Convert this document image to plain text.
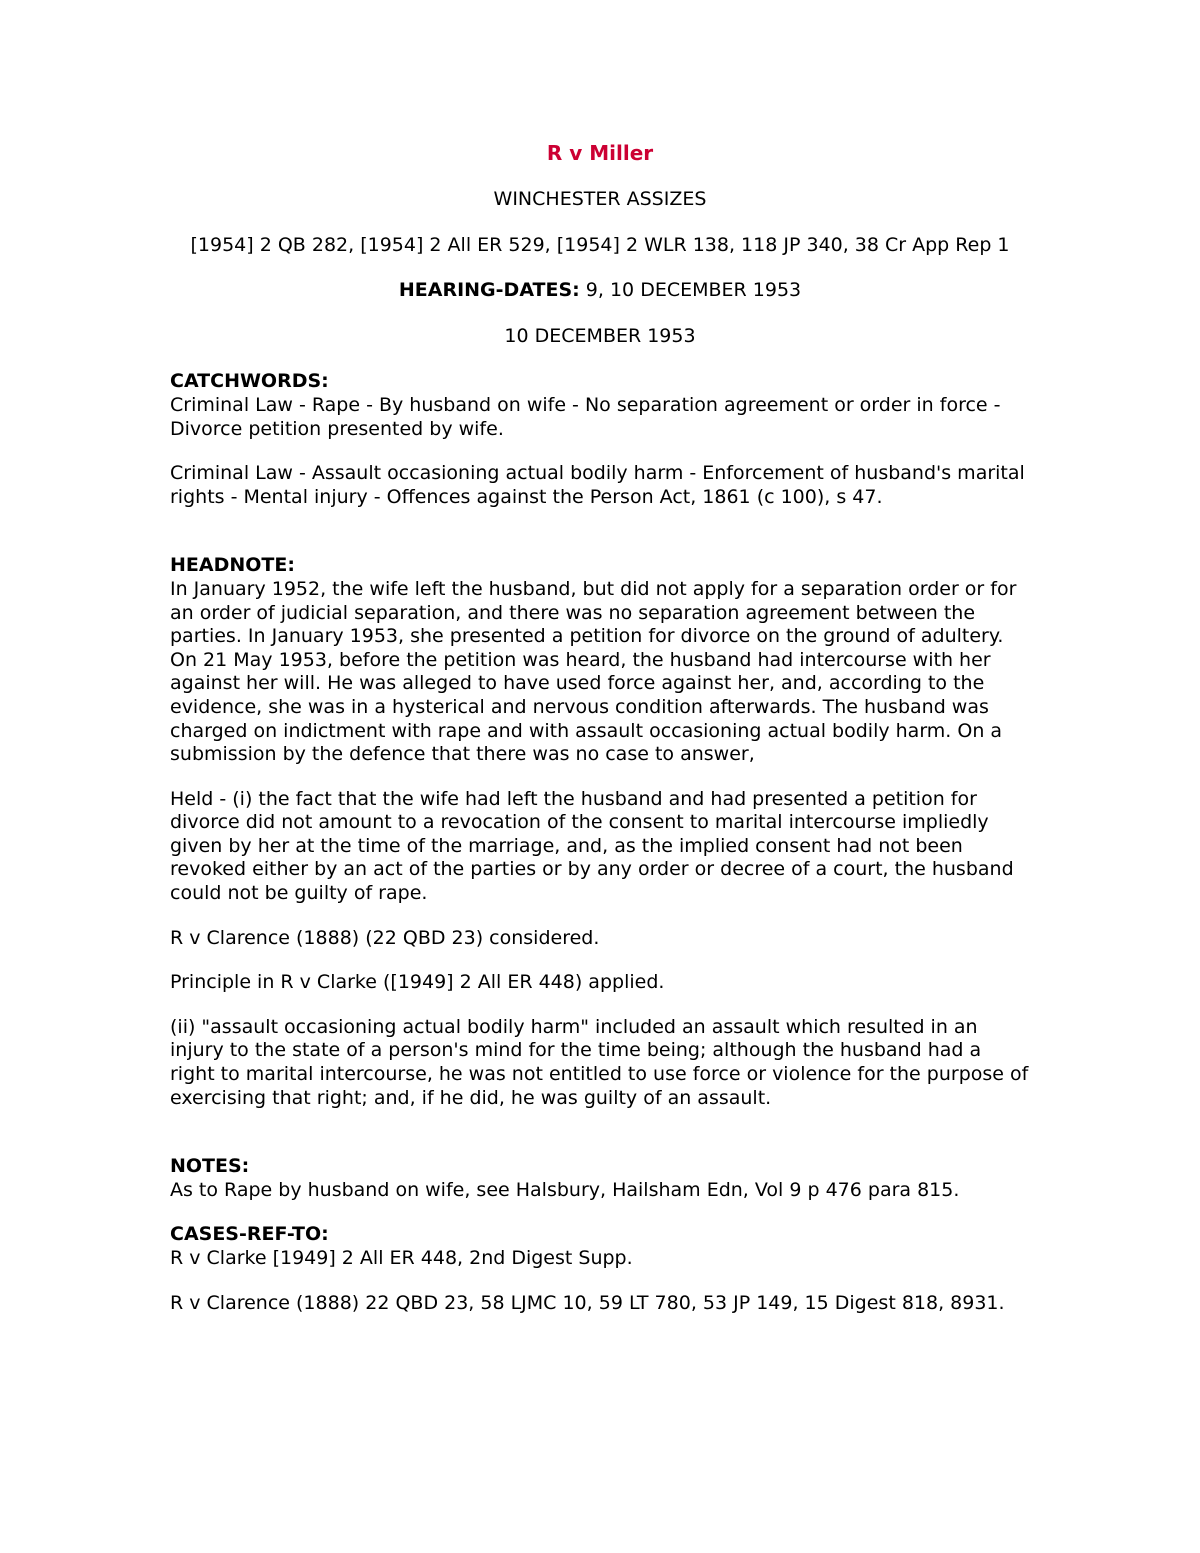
R v Miller
WINCHESTER ASSIZES
[1954] 2 QB 282, [1954] 2 All ER 529, [1954] 2 WLR 138, 118 JP 340, 38 Cr App Rep 1
HEARING-DATES: 9, 10 DECEMBER 1953
10 DECEMBER 1953
CATCHWORDS:
Criminal Law - Rape - By husband on wife - No separation agreement or order in force - Divorce petition presented by wife.
Criminal Law - Assault occasioning actual bodily harm - Enforcement of husband's marital rights - Mental injury - Offences against the Person Act, 1861 (c 100), s 47.
HEADNOTE:
In January 1952, the wife left the husband, but did not apply for a separation order or for an order of judicial separation, and there was no separation agreement between the parties. In January 1953, she presented a petition for divorce on the ground of adultery. On 21 May 1953, before the petition was heard, the husband had intercourse with her against her will. He was alleged to have used force against her, and, according to the evidence, she was in a hysterical and nervous condition afterwards. The husband was charged on indictment with rape and with assault occasioning actual bodily harm. On a submission by the defence that there was no case to answer,
Held - (i) the fact that the wife had left the husband and had presented a petition for divorce did not amount to a revocation of the consent to marital intercourse impliedly given by her at the time of the marriage, and, as the implied consent had not been revoked either by an act of the parties or by any order or decree of a court, the husband could not be guilty of rape.
R v Clarence (1888) (22 QBD 23) considered.
Principle in R v Clarke ([1949] 2 All ER 448) applied.
(ii) "assault occasioning actual bodily harm" included an assault which resulted in an injury to the state of a person's mind for the time being; although the husband had a right to marital intercourse, he was not entitled to use force or violence for the purpose of exercising that right; and, if he did, he was guilty of an assault.
NOTES:
As to Rape by husband on wife, see Halsbury, Hailsham Edn, Vol 9 p 476 para 815.
CASES-REF-TO:
R v Clarke [1949] 2 All ER 448, 2nd Digest Supp.
R v Clarence (1888) 22 QBD 23, 58 LJMC 10, 59 LT 780, 53 JP 149, 15 Digest 818, 8931.
